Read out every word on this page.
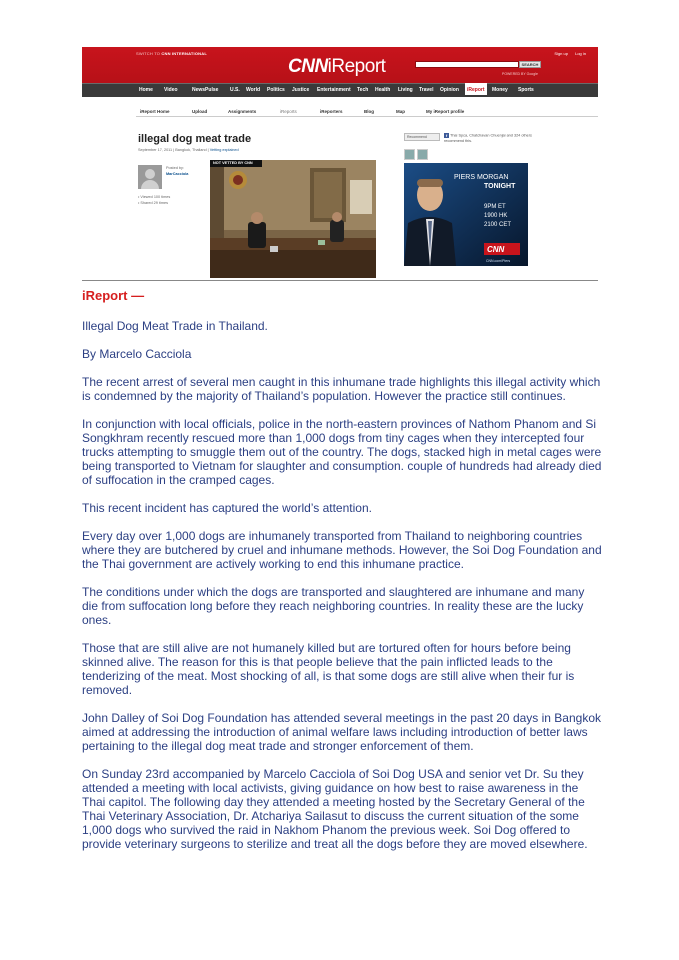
SWITCH TO CNN INTERNATIONAL	Sign up Log in
CNNiReport	SEARCH
POWERED BY Google
Home Video	NewsPulse U.S. World Politics Justice Entertainment Tech Health Living Travel Opinion	iReport	Money Sports
iReport Home	Upload	Assignments	iReports	iReporters	Blog	Map	My iReport profile
illegal dog meat trade
September 17, 2011 | Bangkok, Thailand | Vetting explained
Posted by:
MarCacciola
• Viewed 100 times
• Shared 29 times
NOT VETTED BY CNN
Recommend	f Thai Spca, Chatchavan Chuenjai and 324 others recommend this.
PIERS MORGAN
TONIGHT
9PM ET
1900 HK
2100 CET
CNN
CNN.com/Piers
iReport —

Illegal Dog Meat Trade in Thailand.

By Marcelo Cacciola

The recent arrest of several men caught in this inhumane trade highlights this illegal activity which is condemned by the majority of Thailand’s population. However the practice still continues.

In conjunction with local officials, police in the north-eastern provinces of Nathom Phanom and Si Songkhram recently rescued more than 1,000 dogs from tiny cages when they intercepted four trucks attempting to smuggle them out of the country. The dogs, stacked high in metal cages were being transported to Vietnam for slaughter and consumption. couple of hundreds had already died of suffocation in the cramped cages.

This recent incident has captured the world’s attention.

Every day over 1,000 dogs are inhumanely transported from Thailand to neighboring countries where they are butchered by cruel and inhumane methods. However, the Soi Dog Foundation and the Thai government are actively working to end this inhumane practice.

The conditions under which the dogs are transported and slaughtered are inhumane and many die from suffocation long before they reach neighboring countries. In reality these are the lucky ones.

Those that are still alive are not humanely killed but are tortured often for hours before being skinned alive. The reason for this is that people believe that the pain inflicted leads to the tenderizing of the meat. Most shocking of all, is that some dogs are still alive when their fur is removed.

John Dalley of Soi Dog Foundation has attended several meetings in the past 20 days in Bangkok aimed at addressing the introduction of animal welfare laws including introduction of better laws pertaining to the illegal dog meat trade and stronger enforcement of them.

On Sunday 23rd accompanied by Marcelo Cacciola of Soi Dog USA and senior vet Dr. Su they attended a meeting with local activists, giving guidance on how best to raise awareness in the Thai capitol. The following day they attended a meeting hosted by the Secretary General of the Thai Veterinary Association, Dr. Atchariya Sailasut to discuss the current situation of the some 1,000 dogs who survived the raid in Nakhom Phanom the previous week. Soi Dog offered to provide veterinary surgeons to sterilize and treat all the dogs before they are moved elsewhere.
